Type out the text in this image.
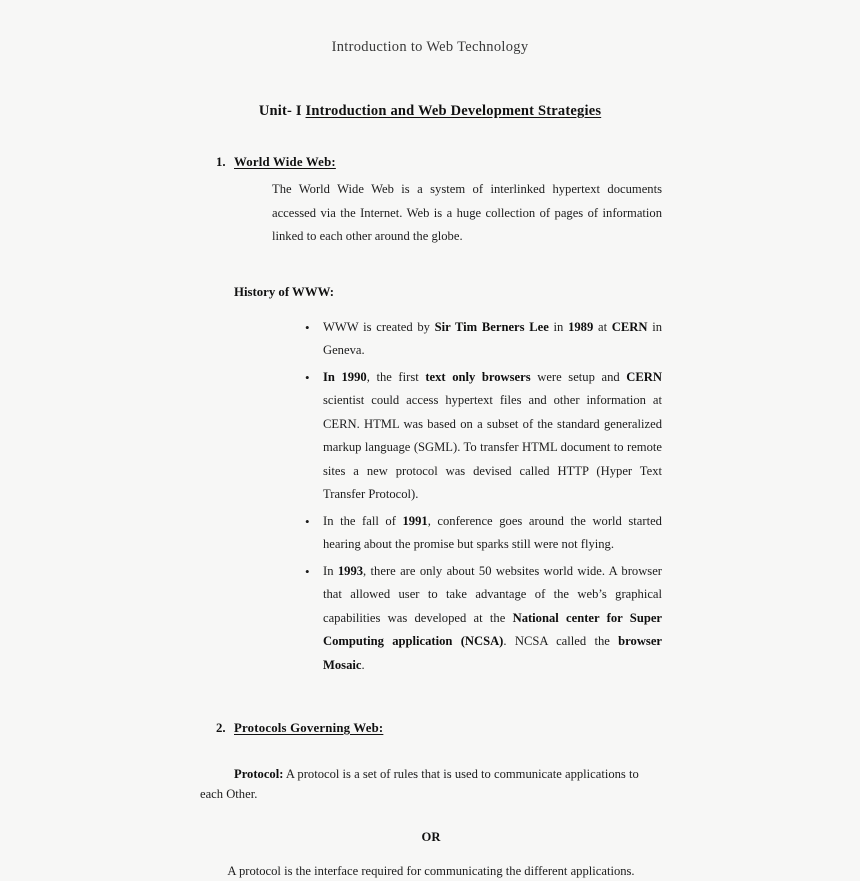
Introduction to Web Technology
Unit- I Introduction and Web Development Strategies
1. World Wide Web:

The World Wide Web is a system of interlinked hypertext documents accessed via the Internet. Web is a huge collection of pages of information linked to each other around the globe.

History of WWW:
• WWW is created by Sir Tim Berners Lee in 1989 at CERN in Geneva.
• In 1990, the first text only browsers were setup and CERN scientist could access hypertext files and other information at CERN. HTML was based on a subset of the standard generalized markup language (SGML). To transfer HTML document to remote sites a new protocol was devised called HTTP (Hyper Text Transfer Protocol).
• In the fall of 1991, conference goes around the world started hearing about the promise but sparks still were not flying.
• In 1993, there are only about 50 websites world wide. A browser that allowed user to take advantage of the web’s graphical capabilities was developed at the National center for Super Computing application (NCSA). NCSA called the browser Mosaic.
2. Protocols Governing Web:

Protocol: A protocol is a set of rules that is used to communicate applications to each Other.

OR
A protocol is the interface required for communicating the different applications.
